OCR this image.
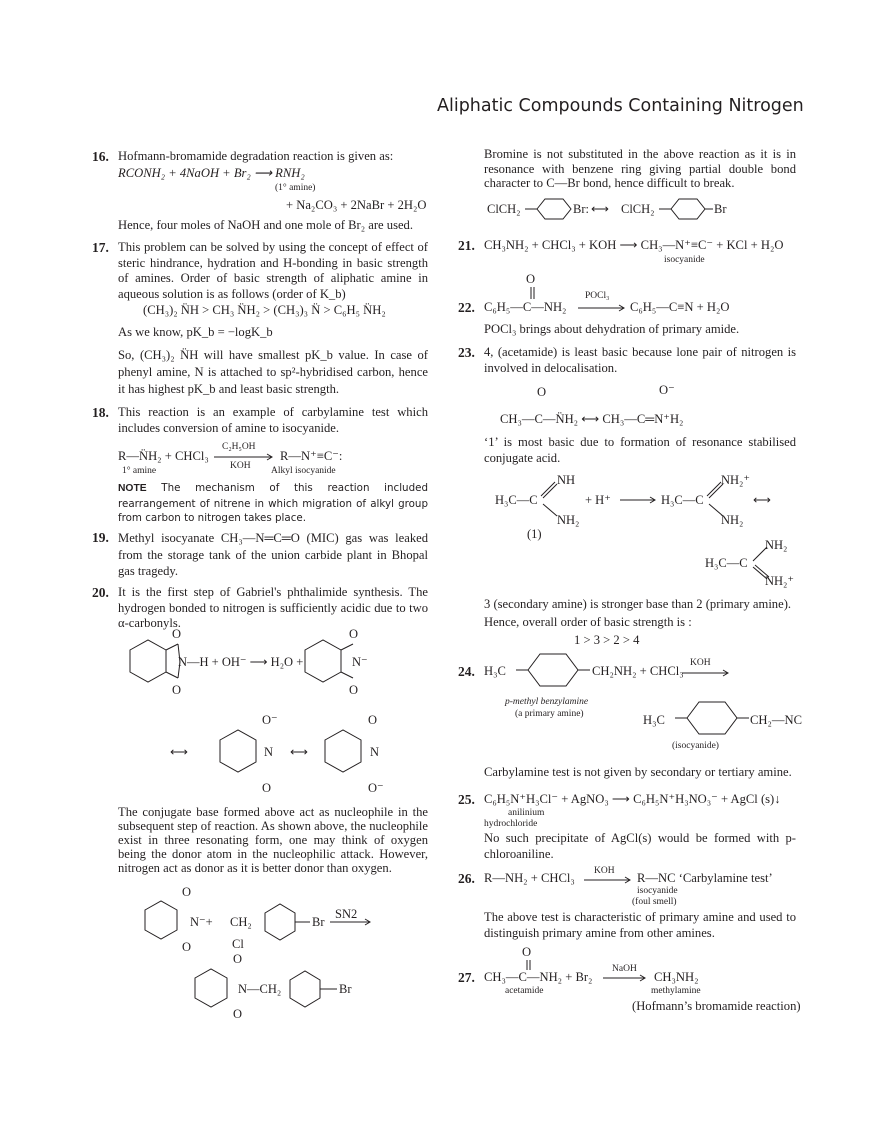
Aliphatic Compounds Containing Nitrogen
16. Hofmann-bromamide degradation reaction is given as:
RCONH₂ + 4NaOH + Br₂ ⟶ RNH₂
(1° amine)
+ Na₂CO₃ + 2NaBr + 2H₂O
Hence, four moles of NaOH and one mole of Br₂ are used.
17. This problem can be solved by using the concept of effect of steric hindrance, hydration and H-bonding in basic strength of amines. Order of basic strength of aliphatic amine in aqueous solution is as follows (order of K_b)
(CH₃)₂ N̈H > CH₃ N̈H₂ > (CH₃)₃ N̈ > C₆H₅ N̈H₂
As we know, pK_b = −logK_b
So, (CH₃)₂ N̈H will have smallest pK_b value. In case of phenyl amine, N is attached to sp²-hybridised carbon, hence it has highest pK_b and least basic strength.
18. This reaction is an example of carbylamine test which includes conversion of amine to isocyanide.
R—N̈H₂ + CHCl₃
1° amine
C₂H₅OH
KOH
R—N⁺≡C⁻:
Alkyl isocyanide
NOTE The mechanism of this reaction included rearrangement of nitrene in which migration of alkyl group from carbon to nitrogen takes place.
19. Methyl isocyanate CH₃—N═C═O (MIC) gas was leaked from the storage tank of the union carbide plant in Bhopal gas tragedy.
20. It is the first step of Gabriel's phthalimide synthesis. The hydrogen bonded to nitrogen is sufficiently acidic due to two α-carbonyls.
O
O
N—H + OH⁻ ⟶ H₂O +
O
O
N⁻
⟷	N
O⁻
O
⟷	N
O
O⁻
The conjugate base formed above act as nucleophile in the subsequent step of reaction. As shown above, the nucleophile exist in three resonating form, one may think of oxygen being the donor atom in the nucleophilic attack. However, nitrogen act as donor as it is better donor than oxygen.
O
O
N⁻+ CH₂
Cl
Br
SN2
O
O
N—CH₂	Br
Bromine is not substituted in the above reaction as it is in resonance with benzene ring giving partial double bond character to C—Br bond, hence difficult to break.
ClCH₂	Br: ⟷ ClCH₂	Br
21. CH₃NH₂ + CHCl₃ + KOH ⟶ CH₃—N⁺≡C⁻ + KCl + H₂O
isocyanide
O
22. C₆H₅—C—NH₂
POCl₃
C₆H₅—C≡N + H₂O
POCl₃ brings about dehydration of primary amide.
23. 4, (acetamide) is least basic because lone pair of nitrogen is involved in delocalisation.
O	O⁻
CH₃—C—N̈H₂ ⟷ CH₃—C═N⁺H₂
‘1’ is most basic due to formation of resonance stabilised conjugate acid.
H₃C—C
NH
NH₂
(1)
+ H⁺	H₃C—C
NH₂⁺
NH₂
⟷
H₃C—C
NH₂
NH₂⁺
3 (secondary amine) is stronger base than 2 (primary amine).
Hence, overall order of basic strength is :
1 > 3 > 2 > 4
24. H₃C	CH₂NH₂ + CHCl₃
KOH
p-methyl benzylamine
(a primary amine)	H₃C	CH₂—NC
(isocyanide)
Carbylamine test is not given by secondary or tertiary amine.
25. C₆H₅N⁺H₃Cl⁻ + AgNO₃ ⟶ C₆H₅N⁺H₃NO₃⁻ + AgCl (s)↓
anilinium
hydrochloride
No such precipitate of AgCl(s) would be formed with p-chloroaniline.
26. R—NH₂ + CHCl₃ KOH R—NC ‘Carbylamine test’
isocyanide
(foul smell)
The above test is characteristic of primary amine and used to distinguish primary amine from other amines.
O
27. CH₃—C—NH₂ + Br₂
acetamide
NaOH
CH₃NH₂
methylamine
(Hofmann’s bromamide reaction)
